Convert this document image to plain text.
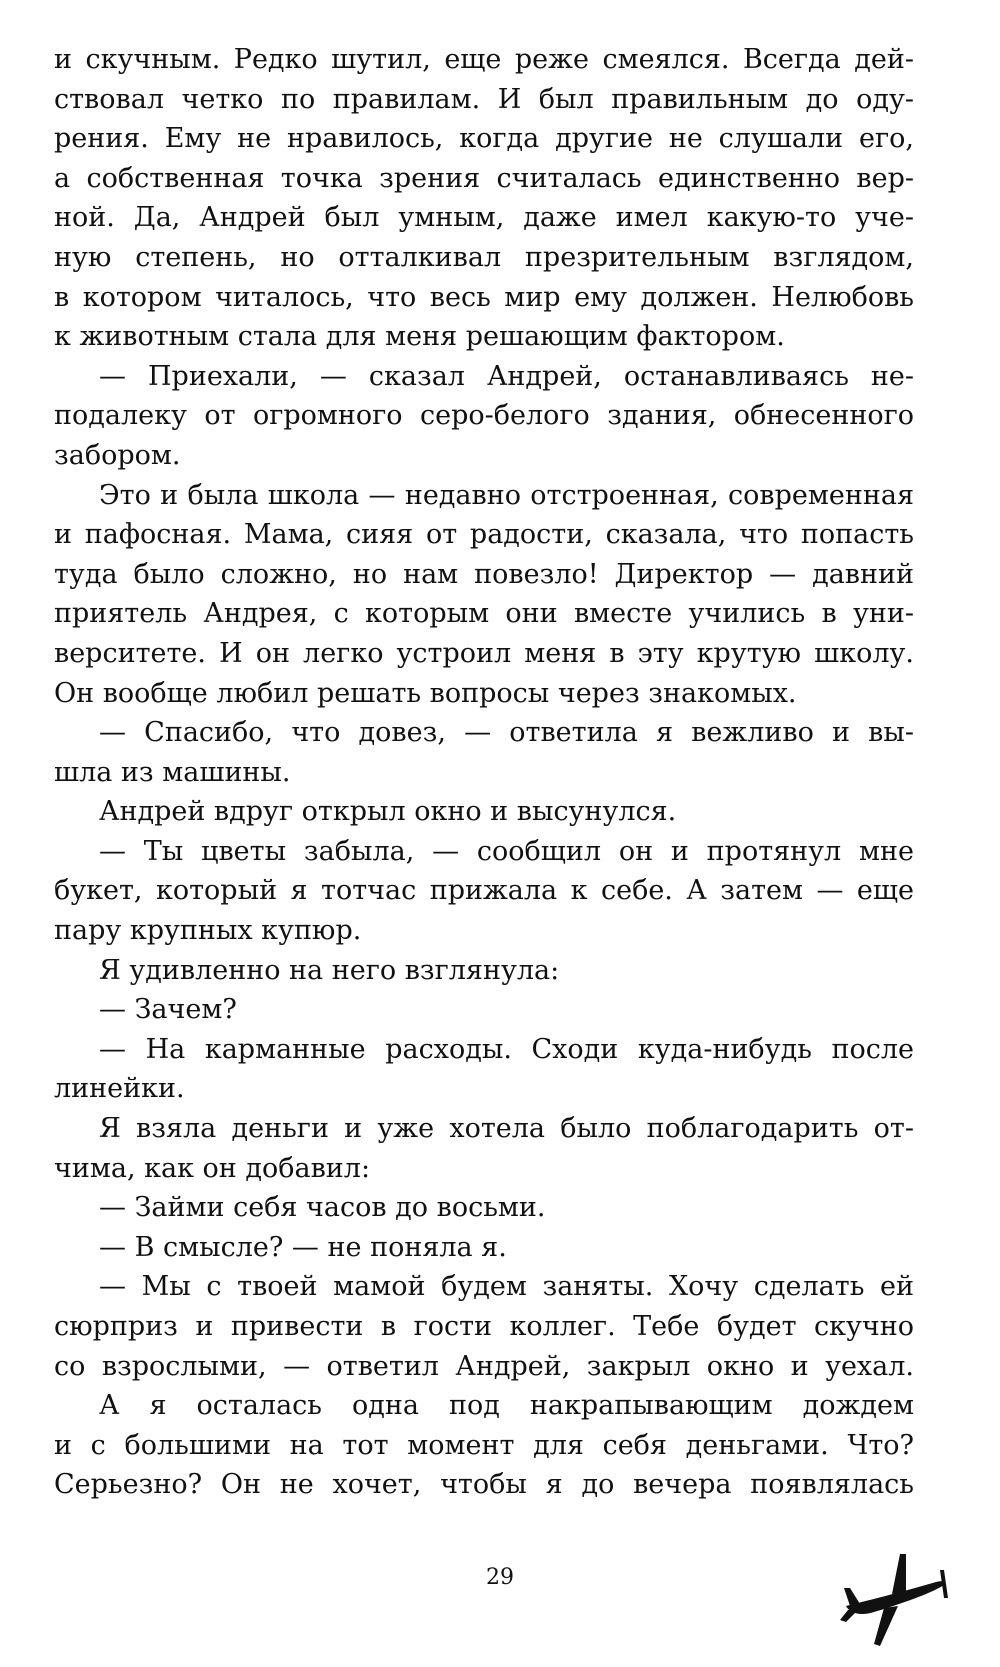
и скучным. Редко шутил, еще реже смеялся. Всегда дей-
ствовал четко по правилам. И был правильным до оду-
рения. Ему не нравилось, когда другие не слушали его,
а собственная точка зрения считалась единственно вер-
ной. Да, Андрей был умным, даже имел какую-то уче-
ную степень, но отталкивал презрительным взглядом,
в котором читалось, что весь мир ему должен. Нелюбовь
к животным стала для меня решающим фактором.
— Приехали, — сказал Андрей, останавливаясь не-
подалеку от огромного серо-белого здания, обнесенного
забором.
Это и была школа — недавно отстроенная, современная
и пафосная. Мама, сияя от радости, сказала, что попасть
туда было сложно, но нам повезло! Директор — давний
приятель Андрея, с которым они вместе учились в уни-
верситете. И он легко устроил меня в эту крутую школу.
Он вообще любил решать вопросы через знакомых.
— Спасибо, что довез, — ответила я вежливо и вы-
шла из машины.
Андрей вдруг открыл окно и высунулся.
— Ты цветы забыла, — сообщил он и протянул мне
букет, который я тотчас прижала к себе. А затем — еще
пару крупных купюр.
Я удивленно на него взглянула:
— Зачем?
— На карманные расходы. Сходи куда-нибудь после
линейки.
Я взяла деньги и уже хотела было поблагодарить от-
чима, как он добавил:
— Займи себя часов до восьми.
— В смысле? — не поняла я.
— Мы с твоей мамой будем заняты. Хочу сделать ей
сюрприз и привести в гости коллег. Тебе будет скучно
со взрослыми, — ответил Андрей, закрыл окно и уехал.
А я осталась одна под накрапывающим дождем
и с большими на тот момент для себя деньгами. Что?
Серьезно? Он не хочет, чтобы я до вечера появлялась
29
